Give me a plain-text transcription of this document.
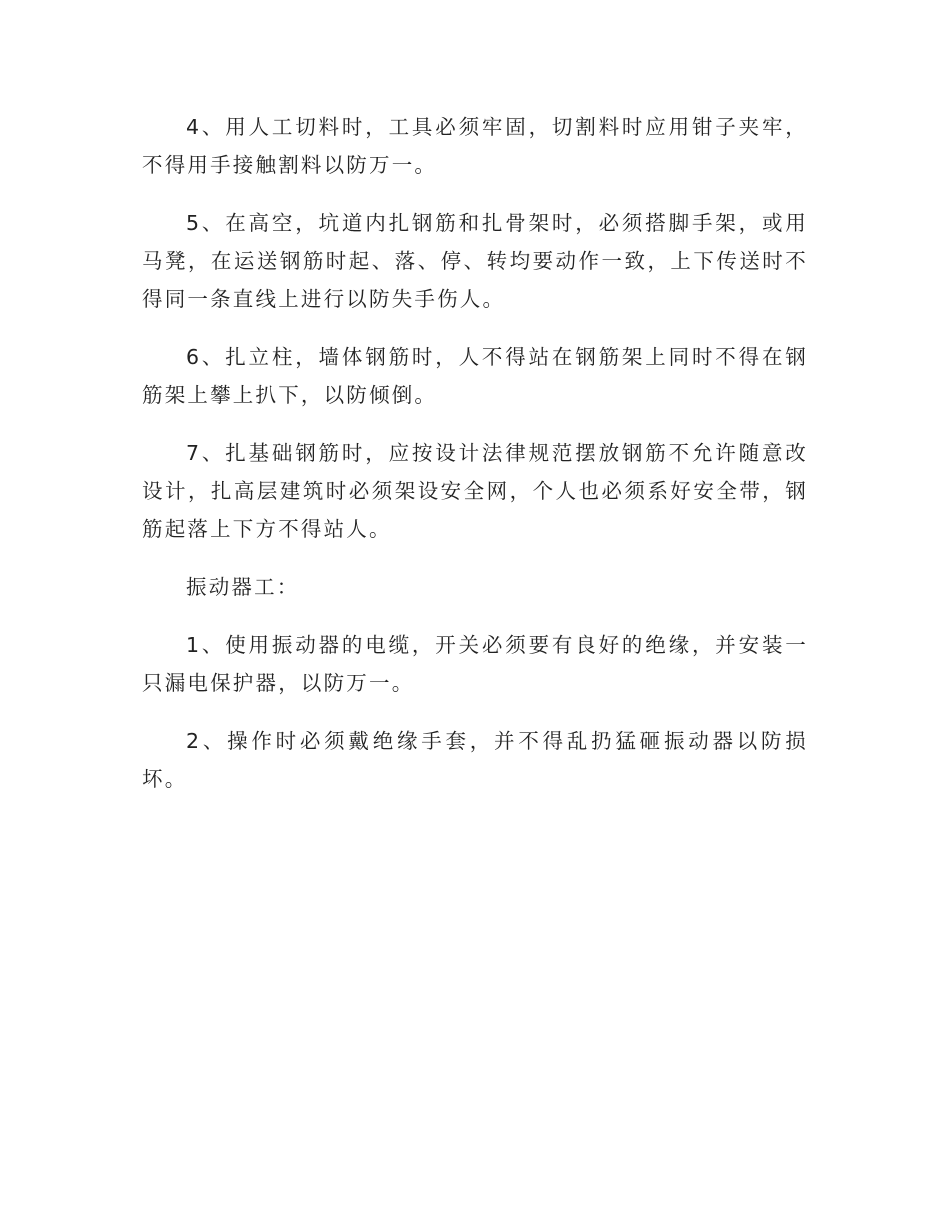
4、用人工切料时，工具必须牢固，切割料时应用钳子夹牢，不得用手接触割料以防万一。

5、在高空，坑道内扎钢筋和扎骨架时，必须搭脚手架，或用马凳，在运送钢筋时起、落、停、转均要动作一致，上下传送时不得同一条直线上进行以防失手伤人。

6、扎立柱，墙体钢筋时，人不得站在钢筋架上同时不得在钢筋架上攀上扒下，以防倾倒。

7、扎基础钢筋时，应按设计法律规范摆放钢筋不允许随意改设计，扎高层建筑时必须架设安全网，个人也必须系好安全带，钢筋起落上下方不得站人。

振动器工：

1、使用振动器的电缆，开关必须要有良好的绝缘，并安装一只漏电保护器，以防万一。

2、操作时必须戴绝缘手套，并不得乱扔猛砸振动器以防损坏。
